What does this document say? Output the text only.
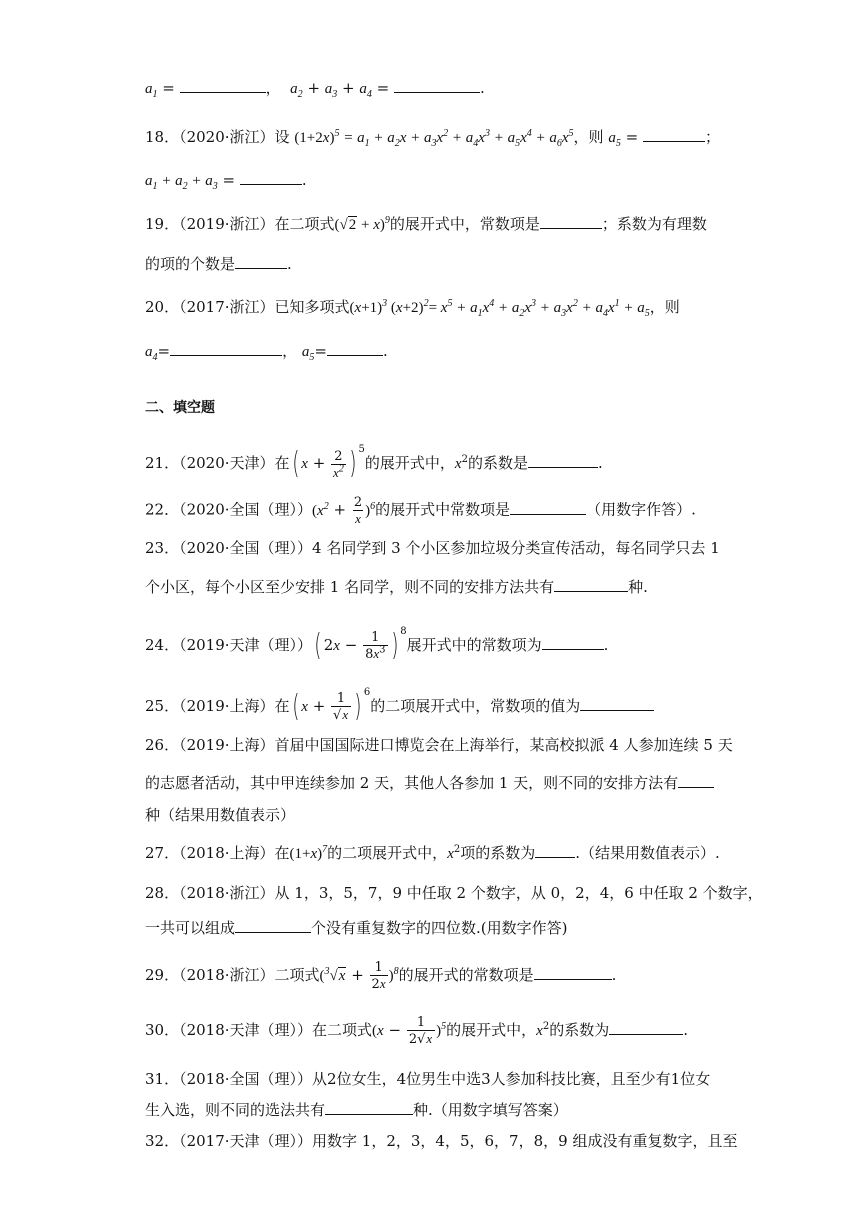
$a_1$ =	， $a_2 + a_3 + a_4$ =	.
18．（2020·浙江）设 $(1+2x)^5 = a_1 + a_2x + a_3x^2 + a_4x^3 + a_5x^4 + a_6x^5$，则 $a_5$ =	；
$a_1 + a_2 + a_3$ =	.
19．（2019·浙江）在二项式$(√2 + x)^9$的展开式中，常数项是	；系数为有理数
的项的个数是	.
20．（2017·浙江）已知多项式$(x+1)^3$ $(x+2)^2= x^5 + a_1x^4 + a_2x^3 + a_3x^2 + a_4x^1 + a_5$，则
$a_4=$	， $a_5=$	.
二、填空题
21．（2020·天津）在( $x + \frac{2}{x^2}$ ) $^5$的展开式中，$x^2$的系数是	.
22．（2020·全国（理））$(x^2 + \frac{2}{x} )^6$的展开式中常数项是	（用数字作答）.
23．（2020·全国（理））4 名同学到 3 个小区参加垃圾分类宣传活动，每名同学只去 1
个小区，每个小区至少安排 1 名同学，则不同的安排方法共有	种.
24．（2019·天津（理））( $2x - \frac{1}{8x^3}$ ) $^8$展开式中的常数项为	.
25．（2019·上海）在( $x + \frac{1}{√x}$ ) $^6$的二项展开式中，常数项的值为
26．（2019·上海）首届中国国际进口博览会在上海举行，某高校拟派 4 人参加连续 5 天
的志愿者活动，其中甲连续参加 2 天，其他人各参加 1 天，则不同的安排方法有
种（结果用数值表示）
27．（2018·上海）在$(1+x)^7$的二项展开式中，$x^2$项的系数为	.（结果用数值表示）.
28．（2018·浙江）从 1，3，5，7，9 中任取 2 个数字，从 0，2，4，6 中任取 2 个数字，
一共可以组成	个没有重复数字的四位数.(用数字作答)
29．（2018·浙江）二项式$(^3√x + \frac{1}{2x} )^8$的展开式的常数项是	.
30．（2018·天津（理））在二项式$(x - \frac{1}{2√x} )^5$的展开式中，$x^2$的系数为	.
31．（2018·全国（理））从2位女生，4位男生中选3人参加科技比赛，且至少有1位女
生入选，则不同的选法共有	种.（用数字填写答案）
32．（2017·天津（理））用数字 1，2，3，4，5，6，7，8，9 组成没有重复数字，且至
